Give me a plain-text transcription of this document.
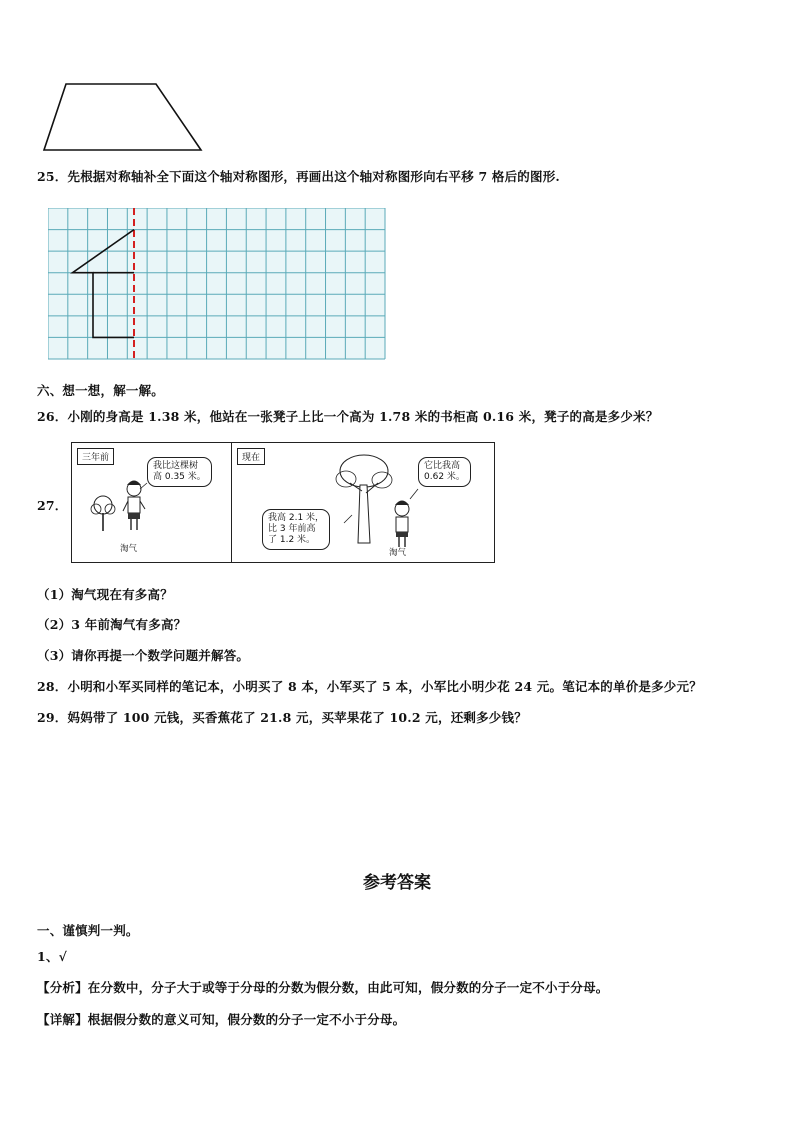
25．先根据对称轴补全下面这个轴对称图形，再画出这个轴对称图形向右平移 7 格后的图形.
六、想一想，解一解。
26．小刚的身高是 1.38 米，他站在一张凳子上比一个高为 1.78 米的书柜高 0.16 米，凳子的高是多少米？
27．
三年前
我比这棵树
高 0.35 米。
淘气
现在
它比我高
0.62 米。
我高 2.1 米，
比 3 年前高
了 1.2 米。
淘气
（1）淘气现在有多高？
（2）3 年前淘气有多高？
（3）请你再提一个数学问题并解答。
28．小明和小军买同样的笔记本，小明买了 8 本，小军买了 5 本，小军比小明少花 24 元。笔记本的单价是多少元？
29．妈妈带了 100 元钱，买香蕉花了 21.8 元，买苹果花了 10.2 元，还剩多少钱？
参考答案
一、谨慎判一判。
1、√
【分析】在分数中，分子大于或等于分母的分数为假分数，由此可知，假分数的分子一定不小于分母。
【详解】根据假分数的意义可知，假分数的分子一定不小于分母。
